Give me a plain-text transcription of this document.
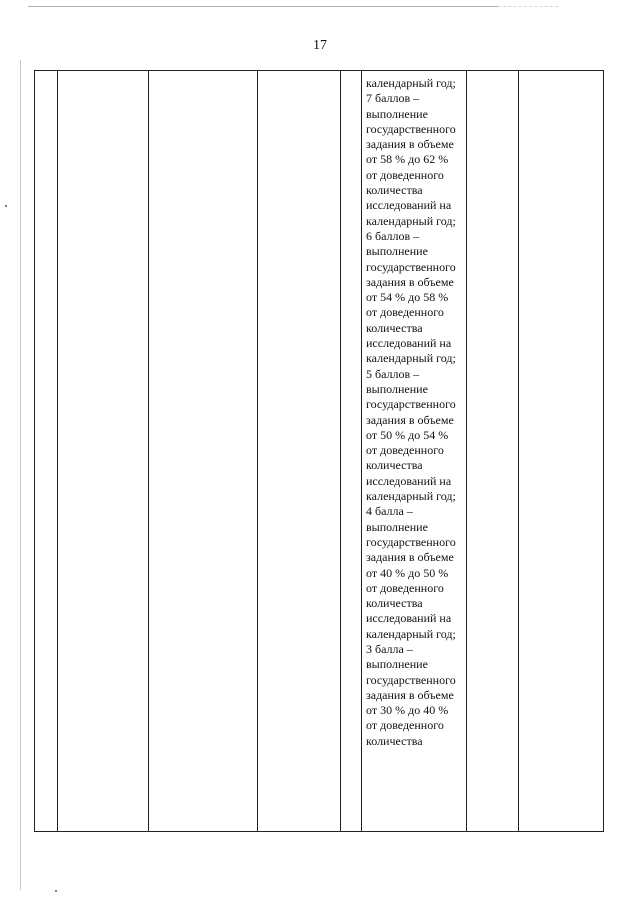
17

календарный год;
7 баллов –
выполнение
государственного
задания в объеме
от 58 % до 62 %
от доведенного
количества
исследований на
календарный год;
6 баллов –
выполнение
государственного
задания в объеме
от 54 % до 58 %
от доведенного
количества
исследований на
календарный год;
5 баллов –
выполнение
государственного
задания в объеме
от 50 % до 54 %
от доведенного
количества
исследований на
календарный год;
4 балла –
выполнение
государственного
задания в объеме
от 40 % до 50 %
от доведенного
количества
исследований на
календарный год;
3 балла –
выполнение
государственного
задания в объеме
от 30 % до 40 %
от доведенного
количества
